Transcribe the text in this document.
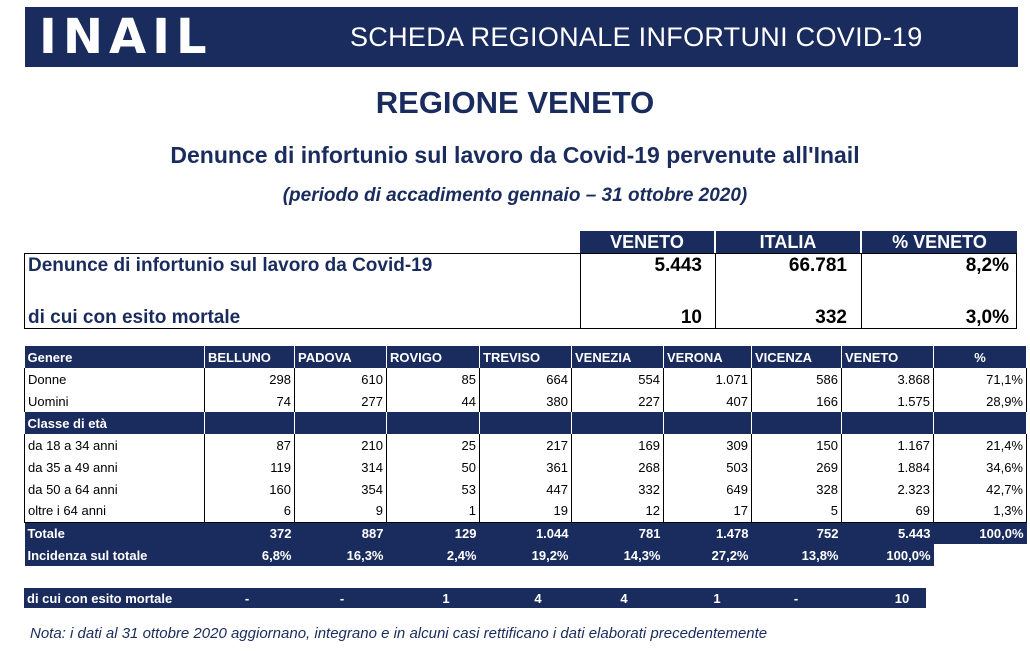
INAIL	SCHEDA REGIONALE INFORTUNI COVID-19
REGIONE VENETO
Denunce di infortunio sul lavoro da Covid-19 pervenute all'Inail
(periodo di accadimento gennaio – 31 ottobre 2020)
VENETO	ITALIA	% VENETO
Denunce di infortunio sul lavoro da Covid-19	5.443	66.781	8,2%
di cui con esito mortale	10	332	3,0%
Genere	BELLUNO	PADOVA	ROVIGO	TREVISO	VENEZIA	VERONA	VICENZA	VENETO	%
Donne	298	610	85	664	554	1.071	586	3.868	71,1%
Uomini	74	277	44	380	227	407	166	1.575	28,9%
Classe di età									
da 18 a 34 anni	87	210	25	217	169	309	150	1.167	21,4%
da 35 a 49 anni	119	314	50	361	268	503	269	1.884	34,6%
da 50 a 64 anni	160	354	53	447	332	649	328	2.323	42,7%
oltre i 64 anni	6	9	1	19	12	17	5	69	1,3%
Totale	372	887	129	1.044	781	1.478	752	5.443	100,0%
Incidenza sul totale	6,8%	16,3%	2,4%	19,2%	14,3%	27,2%	13,8%	100,0%	
di cui con esito mortale	-	-	1	4	4	1	-	10
Nota: i dati al 31 ottobre 2020 aggiornano, integrano e in alcuni casi rettificano i dati elaborati precedentemente
